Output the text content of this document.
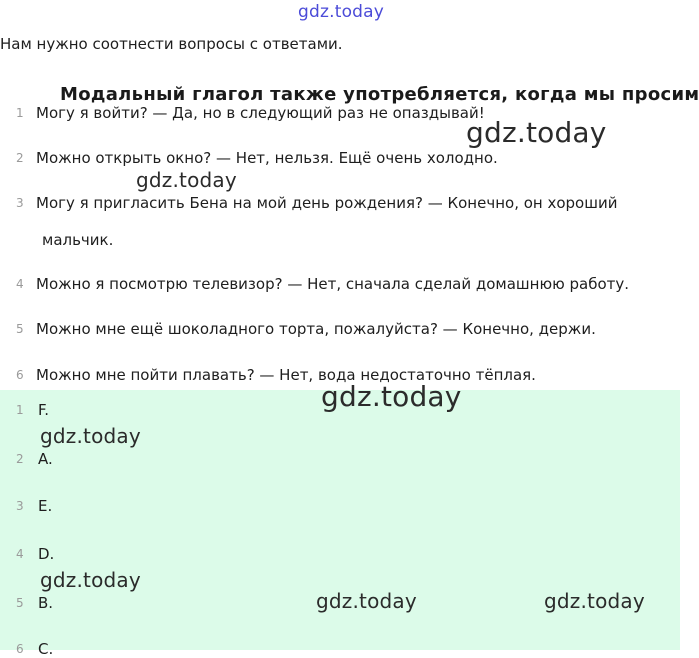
gdz.today
Нам нужно соотнести вопросы с ответами.
Модальный глагол также употребляется, когда мы просим
1 Могу я войти? — Да, но в следующий раз не опаздывай!
2 Можно открыть окно? — Нет, нельзя. Ещё очень холодно.
3 Могу я пригласить Бена на мой день рождения? — Конечно, он хороший
мальчик.
4 Можно я посмотрю телевизор? — Нет, сначала сделай домашнюю работу.
5 Можно мне ещё шоколадного торта, пожалуйста? — Конечно, держи.
6 Можно мне пойти плавать? — Нет, вода недостаточно тёплая.
1 F.
2 A.
3 E.
4 D.
5 B.
6 C.
gdz.today
gdz.today
gdz.today
gdz.today
gdz.today
gdz.today	gdz.today
